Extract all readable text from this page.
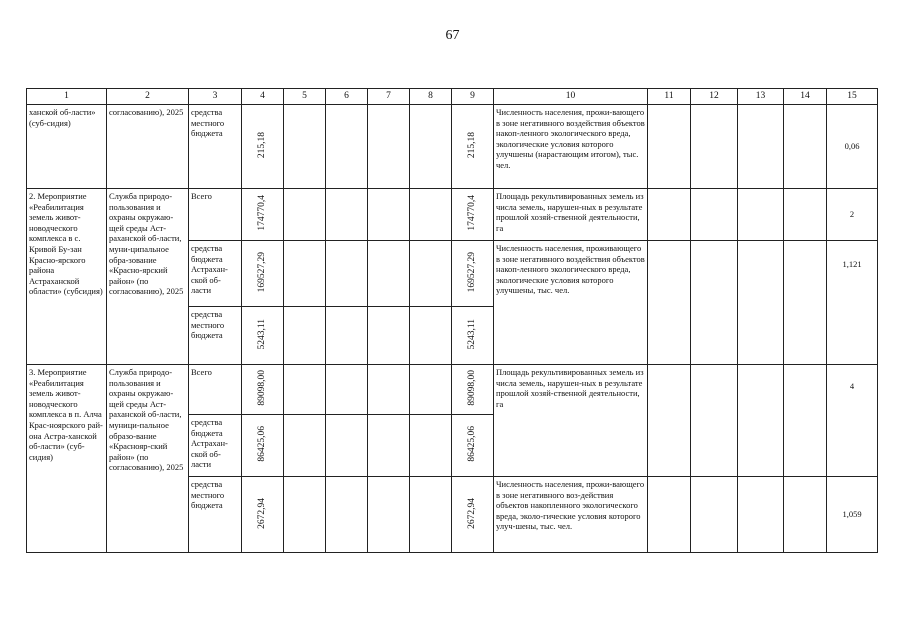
67
1	2	3	4	5	6	7	8	9	10	11	12	13	14	15
ханской об-ласти» (суб-сидия)	согласованию), 2025	средства местного бюджета	215,18					215,18	Численность населения, прожи-вающего в зоне негативного воздействия объектов накоп-ленного экологического вреда, экологические условия которого улучшены (нарастающим итогом), тыс. чел.					0,06
2. Мероприятие «Реабилитация земель живот-новодческого комплекса в с. Кривой Бу-зан Красно-ярского района Астраханской области» (субсидия)	Служба природо-пользования и охраны окружаю-щей среды Аст-раханской об-ласти, муни-ципальное обра-зование «Красно-ярский район» (по согласованию), 2025	Всего	174770,4					174770,4	Площадь рекультивированных земель из числа земель, нарушен-ных в результате прошлой хозяй-ственной деятельности, га					2
		средства бюджета Астрахан-ской об-ласти	169527,29					169527,29	Численность населения, проживающего в зоне негативного воздействия объектов накоп-ленного экологического вреда, экологические условия которого улучшены, тыс. чел.					1,121
		средства местного бюджета	5243,11					5243,11						
3. Мероприятие «Реабилитация земель живот-новодческого комплекса в п. Алча Крас-ноярского рай-она Астра-ханской об-ласти» (суб-сидия)	Служба природо-пользования и охраны окружаю-щей среды Аст-раханской об-ласти, муници-пальное образо-вание «Краснояр-ский район» (по согласованию), 2025	Всего	89098,00					89098,00	Площадь рекультивированных земель из числа земель, нарушен-ных в результате прошлой хозяй-ственной деятельности, га					4
		средства бюджета Астрахан-ской об-ласти	86425,06					86425,06						
		средства местного бюджета	2672,94					2672,94	Численность населения, прожи-вающего в зоне негативного воз-действия объектов накопленного экологического вреда, эколо-гические условия которого улуч-шены, тыс. чел.					1,059
